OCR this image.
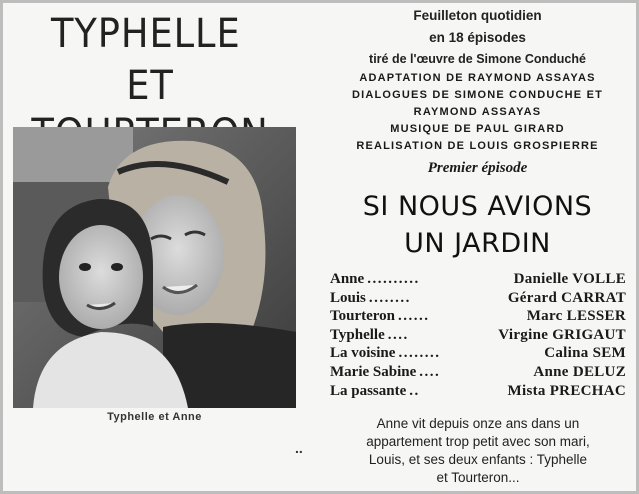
TYPHELLE
ET
Typhelle et Anne
..
Feuilleton quotidien
en 18 épisodes
tiré de l'œuvre de Simone Conduché
ADAPTATION DE RAYMOND ASSAYAS
DIALOGUES DE SIMONE CONDUCHE ET
RAYMOND ASSAYAS
MUSIQUE DE PAUL GIRARD
REALISATION DE LOUIS GROSPIERRE
Premier épisode
SI NOUS AVIONS
UN JARDIN
Anne ..........	Danielle VOLLE
Louis ........	Gérard CARRAT
Tourteron ......	Marc LESSER
Typhelle ....	Virgine GRIGAUT
La voisine ........	Calina SEM
Marie Sabine ....	Anne DELUZ
La passante ..	Mista PRECHAC
Anne vit depuis onze ans dans un
appartement trop petit avec son mari,
Louis, et ses deux enfants : Typhelle
et Tourteron...
